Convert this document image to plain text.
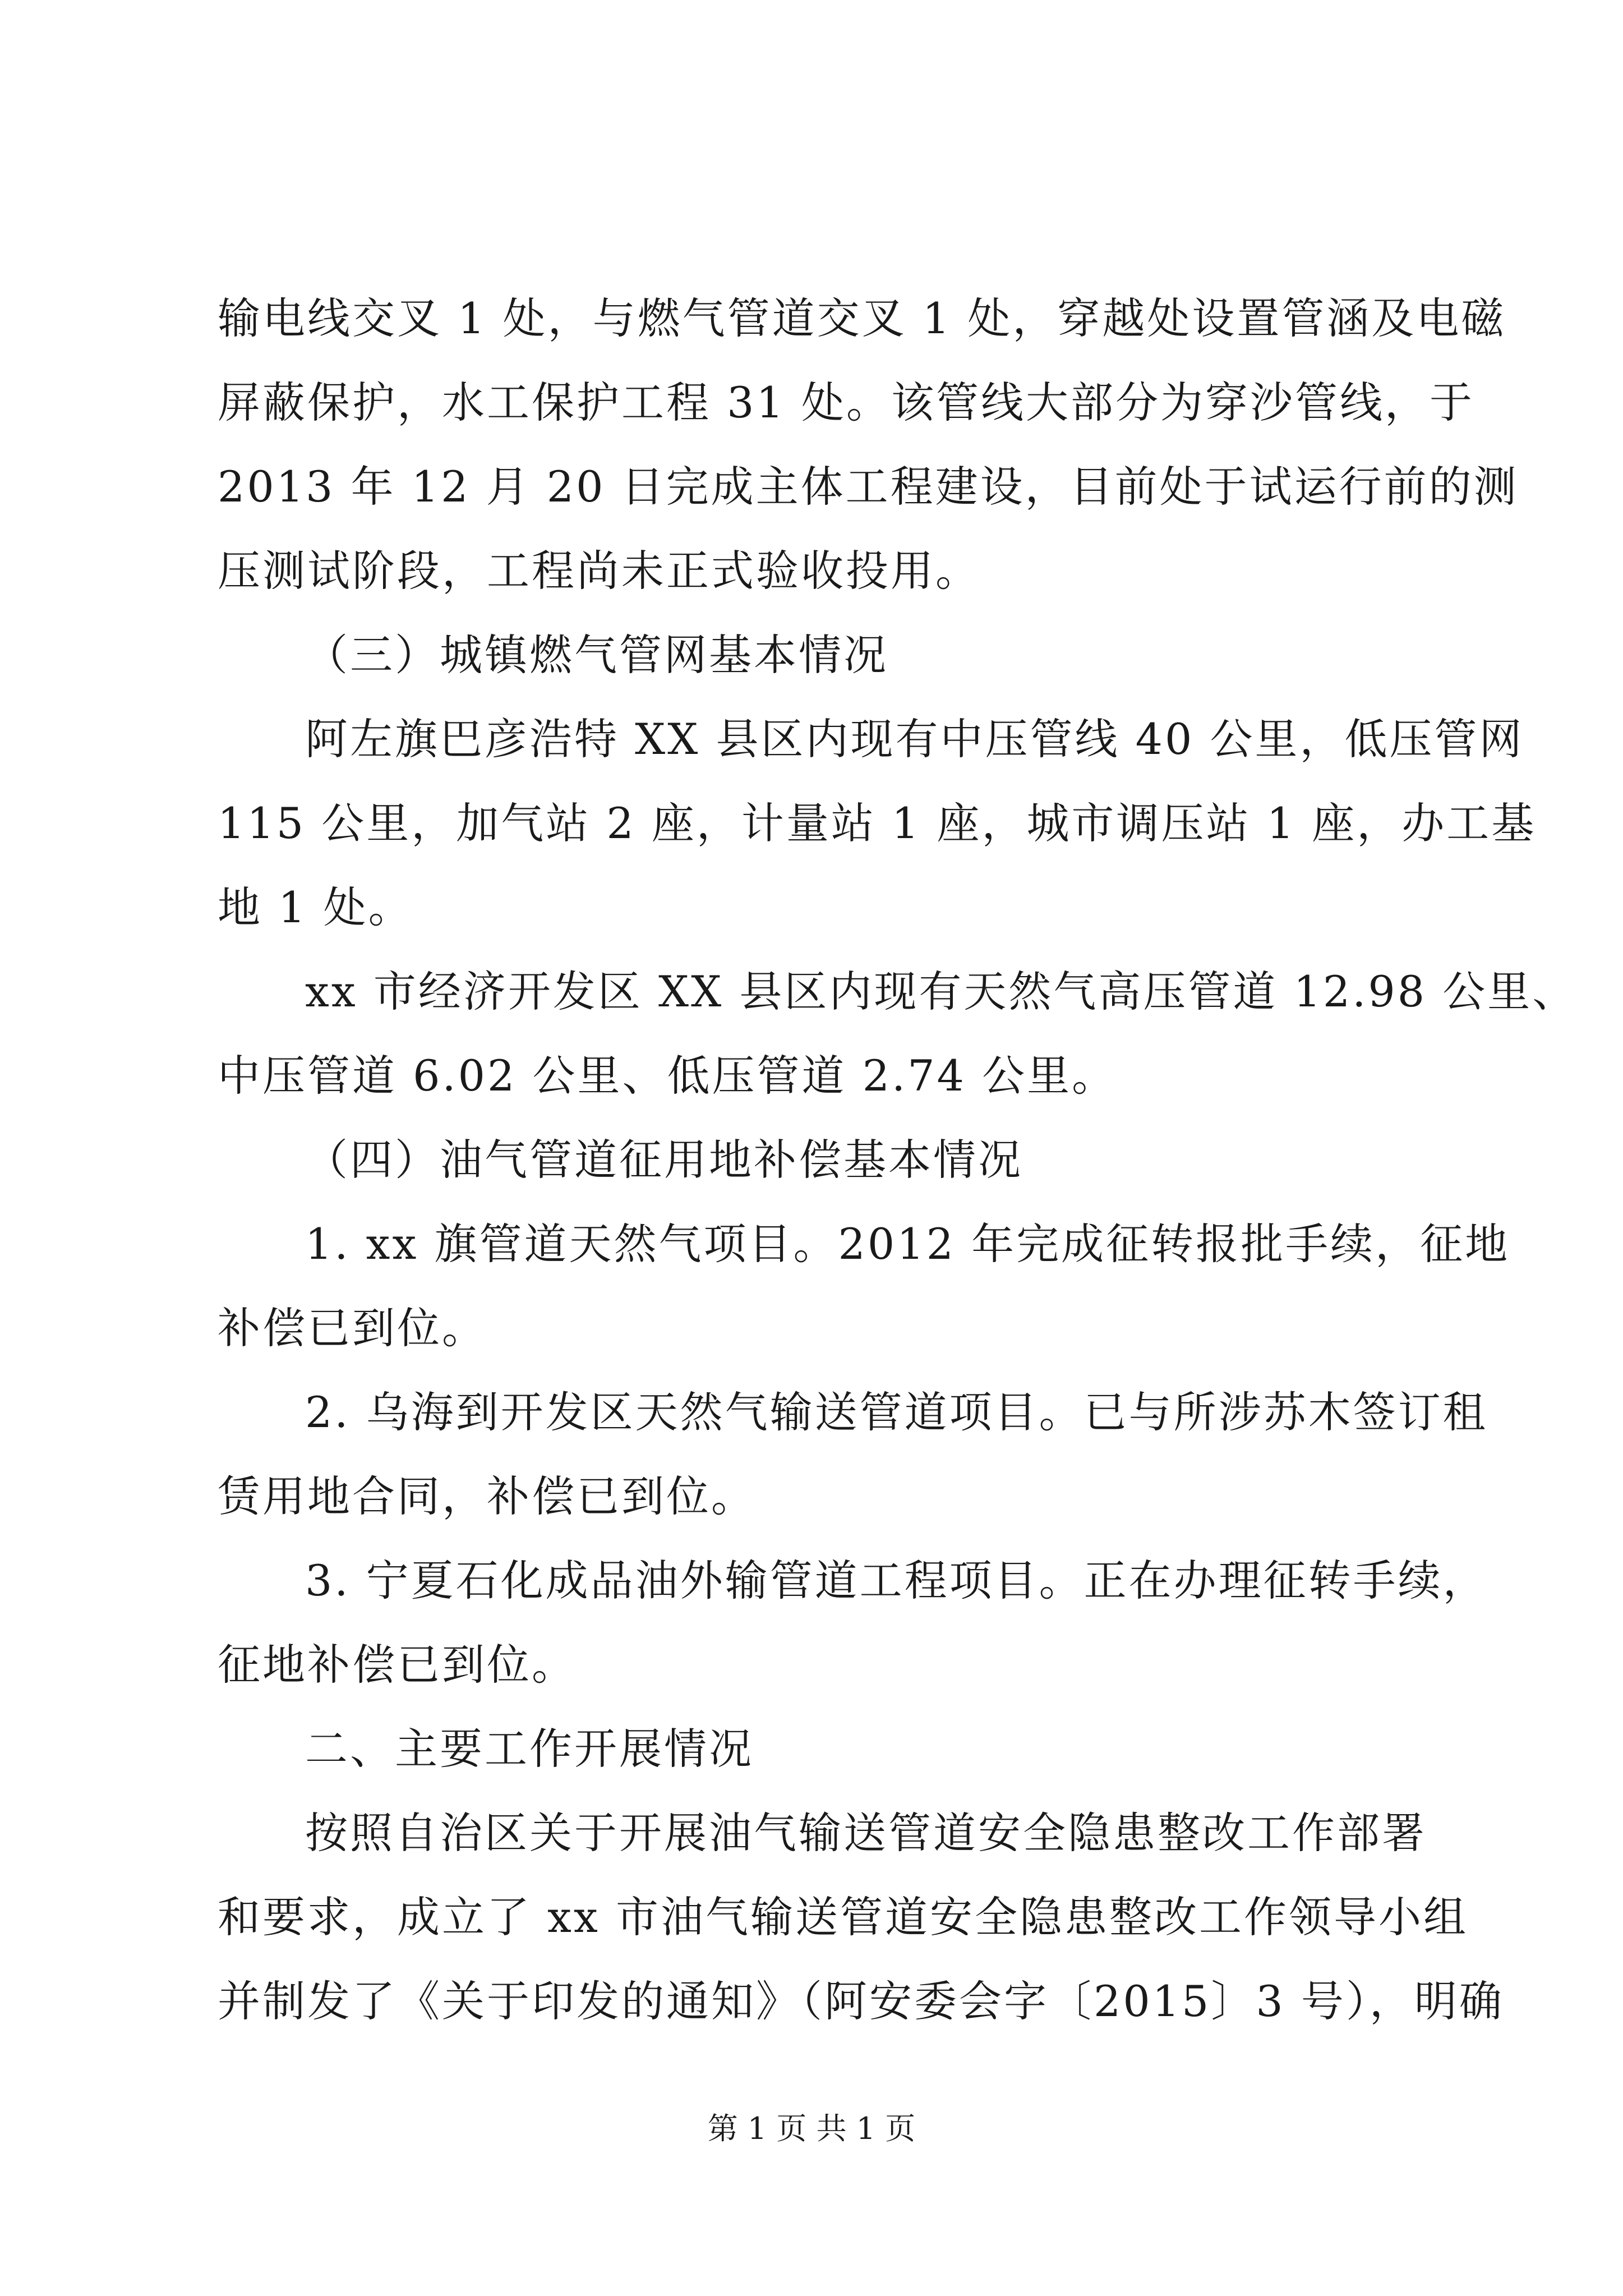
输电线交叉 1 处，与燃气管道交叉 1 处，穿越处设置管涵及电磁
屏蔽保护，水工保护工程 31 处。该管线大部分为穿沙管线，于
2013 年 12 月 20 日完成主体工程建设，目前处于试运行前的测
压测试阶段，工程尚未正式验收投用。
（三）城镇燃气管网基本情况
阿左旗巴彦浩特 XX 县区内现有中压管线 40 公里，低压管网
115 公里，加气站 2 座，计量站 1 座，城市调压站 1 座，办工基
地 1 处。
xx 市经济开发区 XX 县区内现有天然气高压管道 12.98 公里、
中压管道 6.02 公里、低压管道 2.74 公里。
（四）油气管道征用地补偿基本情况
1. xx 旗管道天然气项目。2012 年完成征转报批手续，征地
补偿已到位。
2. 乌海到开发区天然气输送管道项目。已与所涉苏木签订租
赁用地合同，补偿已到位。
3. 宁夏石化成品油外输管道工程项目。正在办理征转手续，
征地补偿已到位。
二、主要工作开展情况
按照自治区关于开展油气输送管道安全隐患整改工作部署
和要求，成立了 xx 市油气输送管道安全隐患整改工作领导小组
并制发了《关于印发的通知》（阿安委会字〔2015〕3 号），明确
第 1 页 共 1 页
